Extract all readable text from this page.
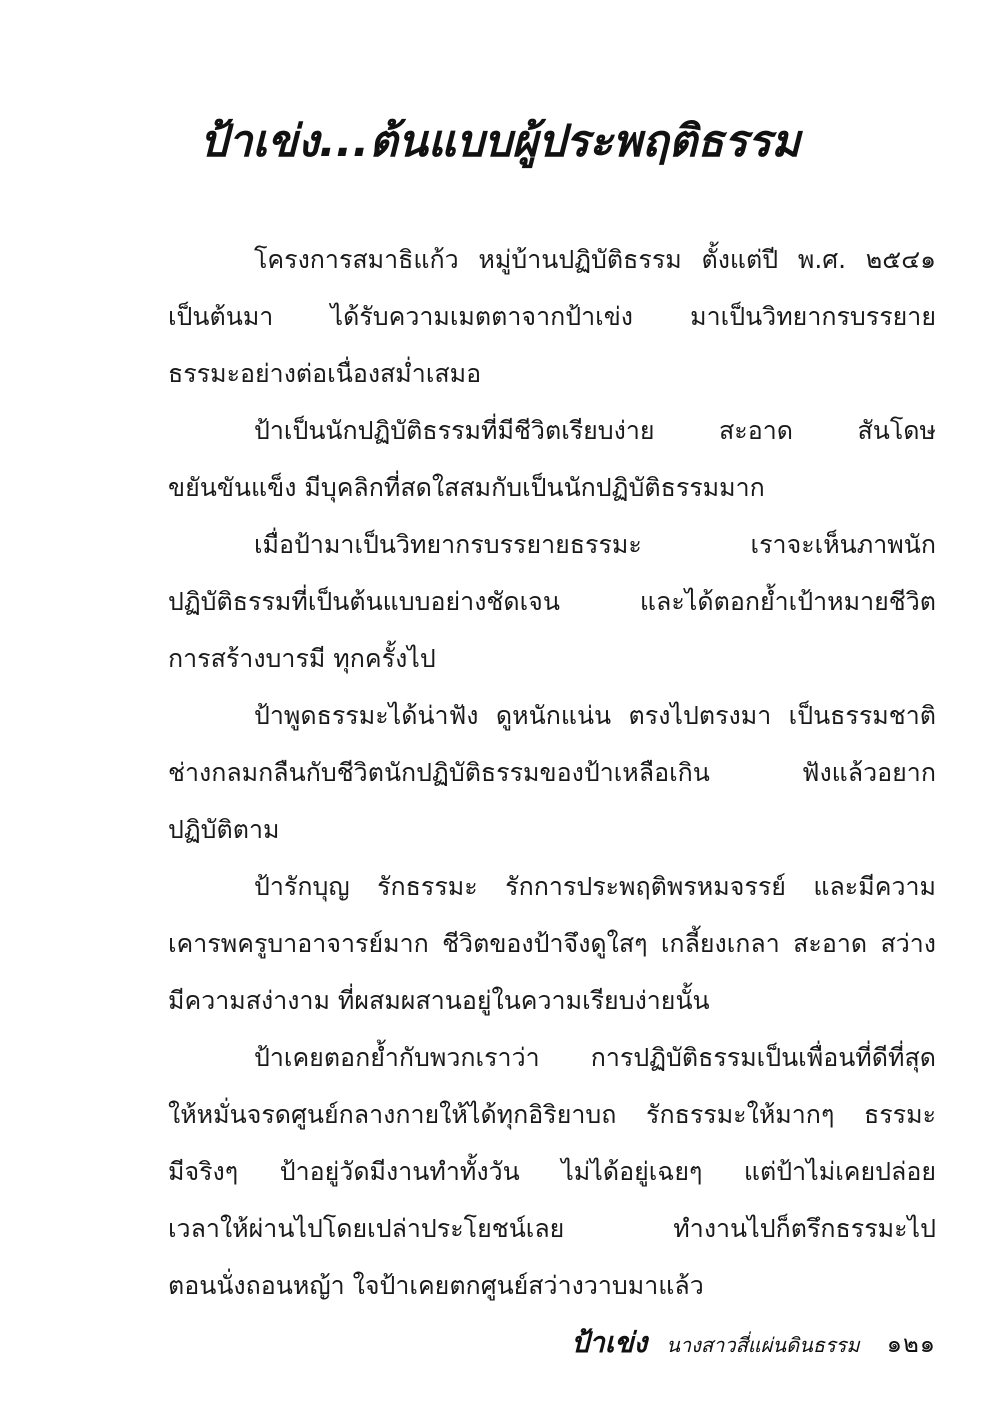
ป้าเข่ง...ต้นแบบผู้ประพฤติธรรม
โครงการสมาธิแก้ว หมู่บ้านปฏิบัติธรรม ตั้งแต่ปี พ.ศ. ๒๕๔๑
เป็นต้นมา ได้รับความเมตตาจากป้าเข่ง มาเป็นวิทยากรบรรยาย
ธรรมะอย่างต่อเนื่องสม่ำเสมอ
ป้าเป็นนักปฏิบัติธรรมที่มีชีวิตเรียบง่าย สะอาด สันโดษ
ขยันขันแข็ง มีบุคลิกที่สดใสสมกับเป็นนักปฏิบัติธรรมมาก
เมื่อป้ามาเป็นวิทยากรบรรยายธรรมะ เราจะเห็นภาพนัก
ปฏิบัติธรรมที่เป็นต้นแบบอย่างชัดเจน และได้ตอกย้ำเป้าหมายชีวิต
การสร้างบารมี ทุกครั้งไป
ป้าพูดธรรมะได้น่าฟัง ดูหนักแน่น ตรงไปตรงมา เป็นธรรมชาติ
ช่างกลมกลืนกับชีวิตนักปฏิบัติธรรมของป้าเหลือเกิน ฟังแล้วอยาก
ปฏิบัติตาม
ป้ารักบุญ รักธรรมะ รักการประพฤติพรหมจรรย์ และมีความ
เคารพครูบาอาจารย์มาก ชีวิตของป้าจึงดูใสๆ เกลี้ยงเกลา สะอาด สว่าง
มีความสง่างาม ที่ผสมผสานอยู่ในความเรียบง่ายนั้น
ป้าเคยตอกย้ำกับพวกเราว่า การปฏิบัติธรรมเป็นเพื่อนที่ดีที่สุด
ให้หมั่นจรดศูนย์กลางกายให้ได้ทุกอิริยาบถ รักธรรมะให้มากๆ ธรรมะ
มีจริงๆ ป้าอยู่วัดมีงานทำทั้งวัน ไม่ได้อยู่เฉยๆ แต่ป้าไม่เคยปล่อย
เวลาให้ผ่านไปโดยเปล่าประโยชน์เลย ทำงานไปก็ตรึกธรรมะไป
ตอนนั่งถอนหญ้า ใจป้าเคยตกศูนย์สว่างวาบมาแล้ว
ป้าเข่ง นางสาวสี่แผ่นดินธรรม ๑๒๑
